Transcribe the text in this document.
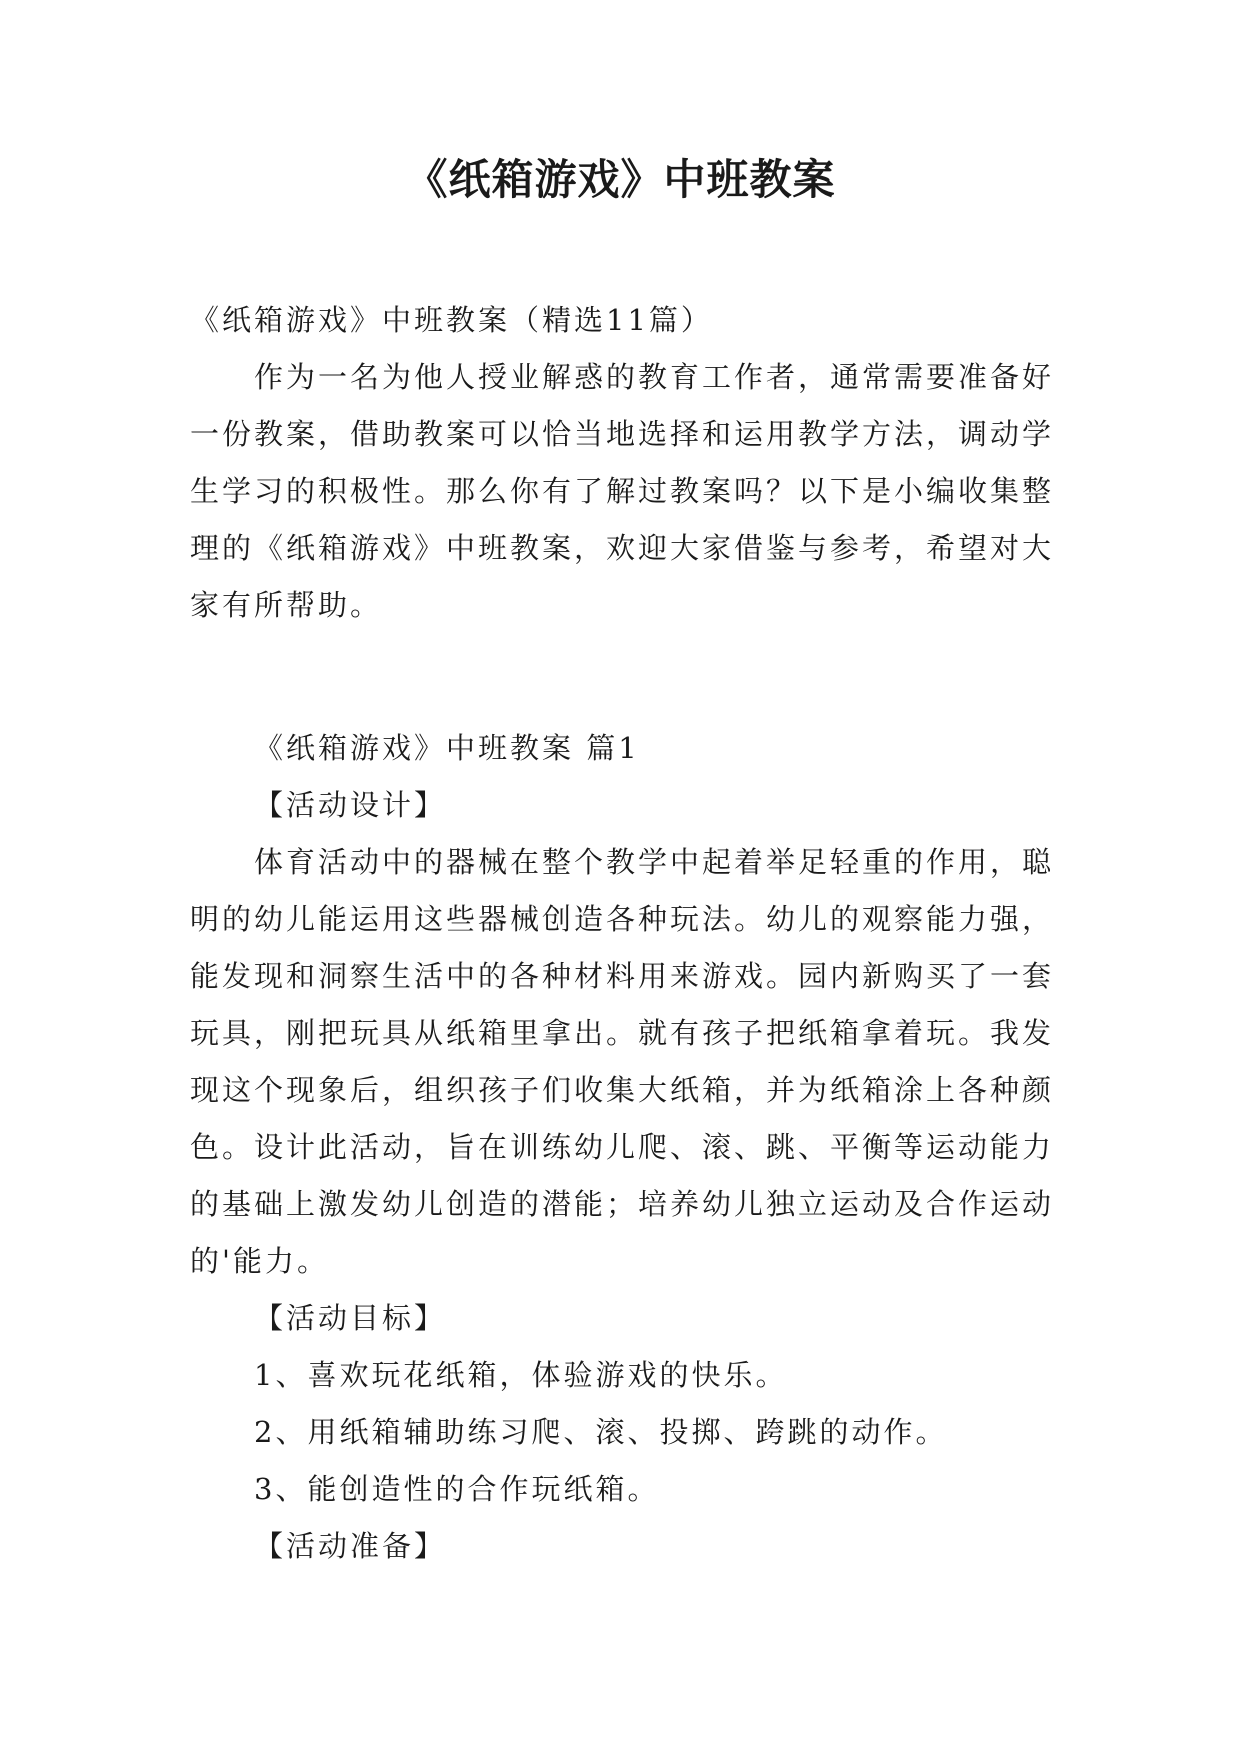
《纸箱游戏》中班教案

《纸箱游戏》中班教案（精选11篇）

作为一名为他人授业解惑的教育工作者，通常需要准备好一份教案，借助教案可以恰当地选择和运用教学方法，调动学生学习的积极性。那么你有了解过教案吗？以下是小编收集整理的《纸箱游戏》中班教案，欢迎大家借鉴与参考，希望对大家有所帮助。

《纸箱游戏》中班教案 篇1

【活动设计】

体育活动中的器械在整个教学中起着举足轻重的作用，聪明的幼儿能运用这些器械创造各种玩法。幼儿的观察能力强，能发现和洞察生活中的各种材料用来游戏。园内新购买了一套玩具，刚把玩具从纸箱里拿出。就有孩子把纸箱拿着玩。我发现这个现象后，组织孩子们收集大纸箱，并为纸箱涂上各种颜色。设计此活动，旨在训练幼儿爬、滚、跳、平衡等运动能力的基础上激发幼儿创造的潜能；培养幼儿独立运动及合作运动的'能力。

【活动目标】

1、喜欢玩花纸箱，体验游戏的快乐。

2、用纸箱辅助练习爬、滚、投掷、跨跳的动作。

3、能创造性的合作玩纸箱。

【活动准备】
